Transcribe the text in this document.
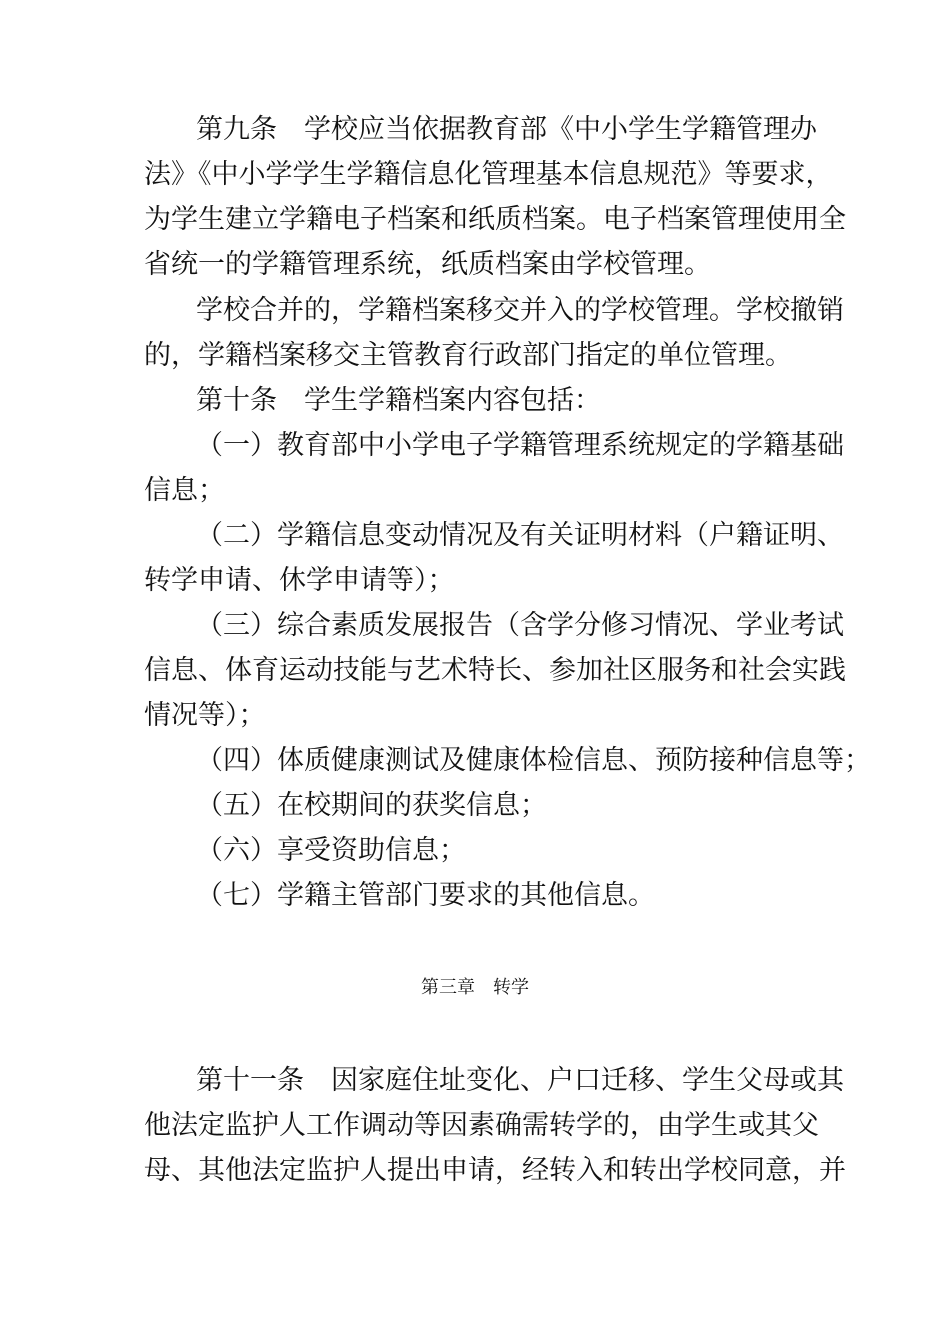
第九条　学校应当依据教育部《中小学生学籍管理办
法》《中小学学生学籍信息化管理基本信息规范》等要求，
为学生建立学籍电子档案和纸质档案。电子档案管理使用全
省统一的学籍管理系统，纸质档案由学校管理。
学校合并的，学籍档案移交并入的学校管理。学校撤销
的，学籍档案移交主管教育行政部门指定的单位管理。
第十条　学生学籍档案内容包括：
（一）教育部中小学电子学籍管理系统规定的学籍基础
信息；
（二）学籍信息变动情况及有关证明材料（户籍证明、
转学申请、休学申请等）；
（三）综合素质发展报告（含学分修习情况、学业考试
信息、体育运动技能与艺术特长、参加社区服务和社会实践
情况等）；
（四）体质健康测试及健康体检信息、预防接种信息等；
（五）在校期间的获奖信息；
（六）享受资助信息；
（七）学籍主管部门要求的其他信息。
第三章　转学
第十一条　因家庭住址变化、户口迁移、学生父母或其
他法定监护人工作调动等因素确需转学的，由学生或其父
母、其他法定监护人提出申请，经转入和转出学校同意，并
